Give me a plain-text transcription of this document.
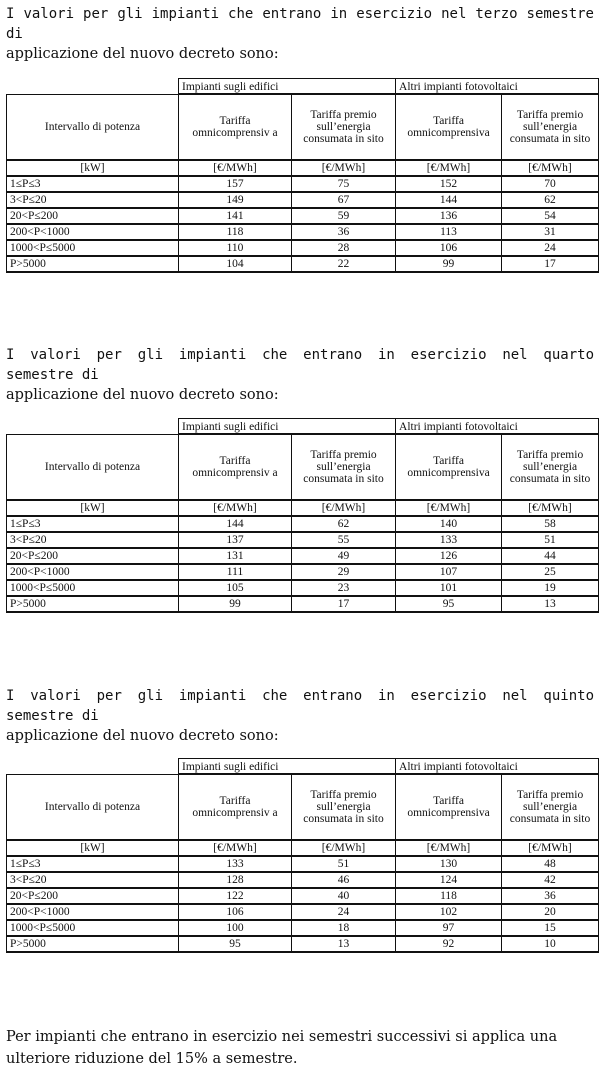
I valori per gli impianti che entrano in esercizio nel terzo semestre di
applicazione del nuovo decreto sono:
	Impianti sugli edifici		Altri impianti fotovoltaici	
Intervallo di potenza	Tariffa omnicomprensiv a	Tariffa premio sull’energia consumata in sito	Tariffa omnicomprensiva	Tariffa premio sull’energia consumata in sito
[kW]	[€/MWh]	[€/MWh]	[€/MWh]	[€/MWh]
1≤P≤3	157	75	152	70
3<P≤20	149	67	144	62
20<P≤200	141	59	136	54
200<P<1000	118	36	113	31
1000<P≤5000	110	28	106	24
P>5000	104	22	99	17
I valori per gli impianti che entrano in esercizio nel quarto semestre di
applicazione del nuovo decreto sono:
	Impianti sugli edifici		Altri impianti fotovoltaici	
Intervallo di potenza	Tariffa omnicomprensiv a	Tariffa premio sull’energia consumata in sito	Tariffa omnicomprensiva	Tariffa premio sull’energia consumata in sito
[kW]	[€/MWh]	[€/MWh]	[€/MWh]	[€/MWh]
1≤P≤3	144	62	140	58
3<P≤20	137	55	133	51
20<P≤200	131	49	126	44
200<P<1000	111	29	107	25
1000<P≤5000	105	23	101	19
P>5000	99	17	95	13
I valori per gli impianti che entrano in esercizio nel quinto semestre di
applicazione del nuovo decreto sono:
	Impianti sugli edifici		Altri impianti fotovoltaici	
Intervallo di potenza	Tariffa omnicomprensiv a	Tariffa premio sull’energia consumata in sito	Tariffa omnicomprensiva	Tariffa premio sull’energia consumata in sito
[kW]	[€/MWh]	[€/MWh]	[€/MWh]	[€/MWh]
1≤P≤3	133	51	130	48
3<P≤20	128	46	124	42
20<P≤200	122	40	118	36
200<P<1000	106	24	102	20
1000<P≤5000	100	18	97	15
P>5000	95	13	92	10
Per impianti che entrano in esercizio nei semestri successivi si applica una
ulteriore riduzione del 15% a semestre.
